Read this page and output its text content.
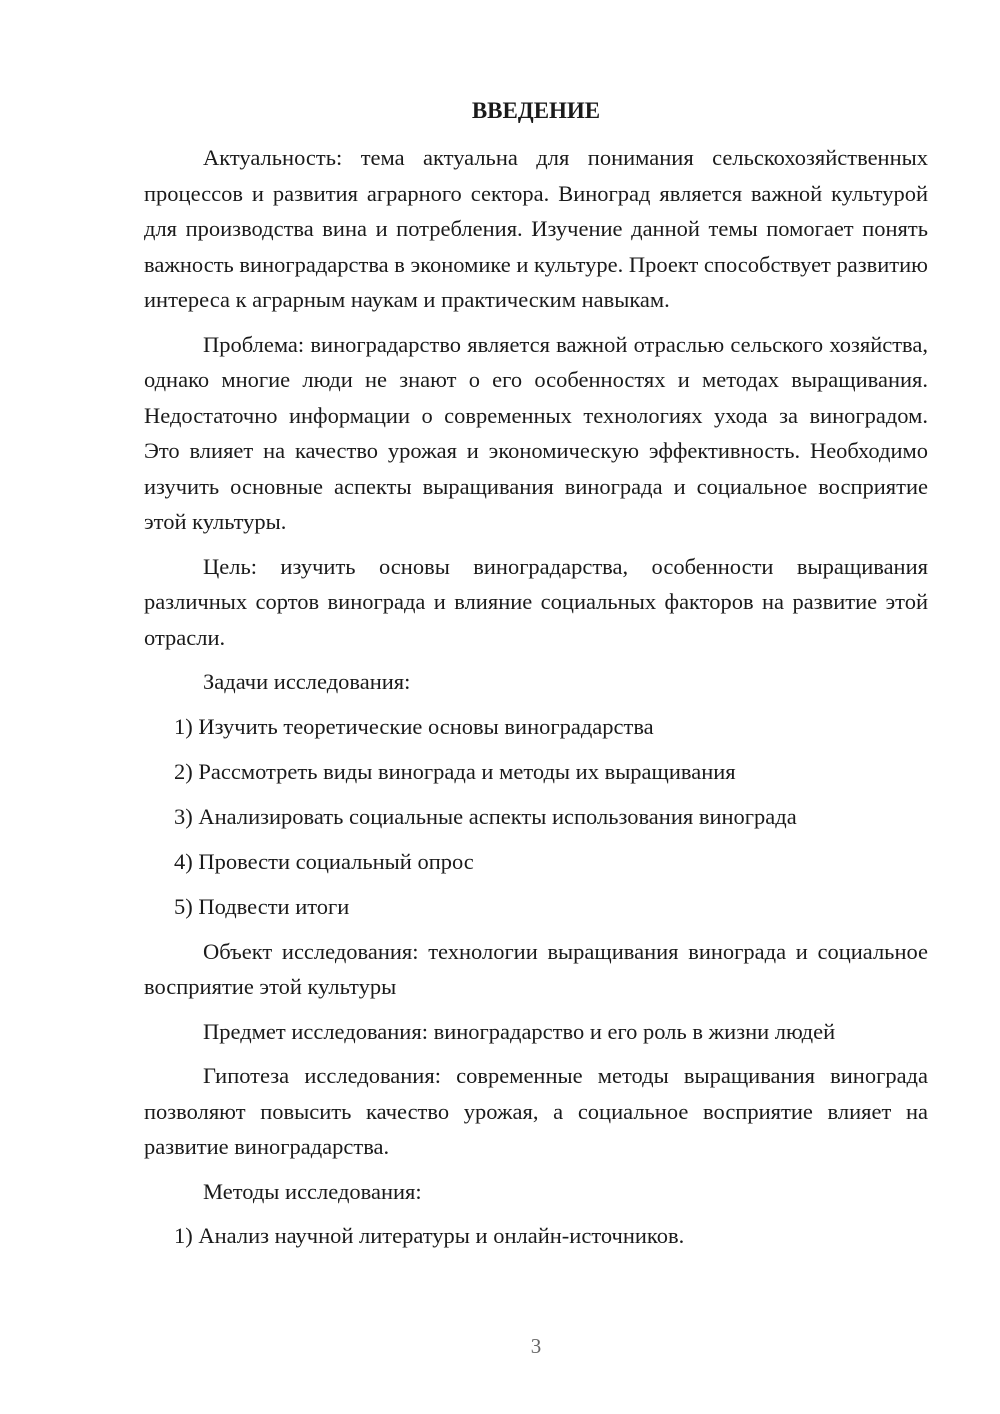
ВВЕДЕНИЕ

Актуальность: тема актуальна для понимания сельскохозяйственных процессов и развития аграрного сектора. Виноград является важной культурой для производства вина и потребления. Изучение данной темы помогает понять важность виноградарства в экономике и культуре. Проект способствует развитию интереса к аграрным наукам и практическим навыкам.

Проблема: виноградарство является важной отраслью сельского хозяйства, однако многие люди не знают о его особенностях и методах выращивания. Недостаточно информации о современных технологиях ухода за виноградом. Это влияет на качество урожая и экономическую эффективность. Необходимо изучить основные аспекты выращивания винограда и социальное восприятие этой культуры.

Цель: изучить основы виноградарства, особенности выращивания различных сортов винограда и влияние социальных факторов на развитие этой отрасли.

Задачи исследования:

1) Изучить теоретические основы виноградарства

2) Рассмотреть виды винограда и методы их выращивания

3) Анализировать социальные аспекты использования винограда

4) Провести социальный опрос

5) Подвести итоги

Объект исследования: технологии выращивания винограда и социальное восприятие этой культуры

Предмет исследования: виноградарство и его роль в жизни людей

Гипотеза исследования: современные методы выращивания винограда позволяют повысить качество урожая, а социальное восприятие влияет на развитие виноградарства.

Методы исследования:

1) Анализ научной литературы и онлайн-источников.

3
